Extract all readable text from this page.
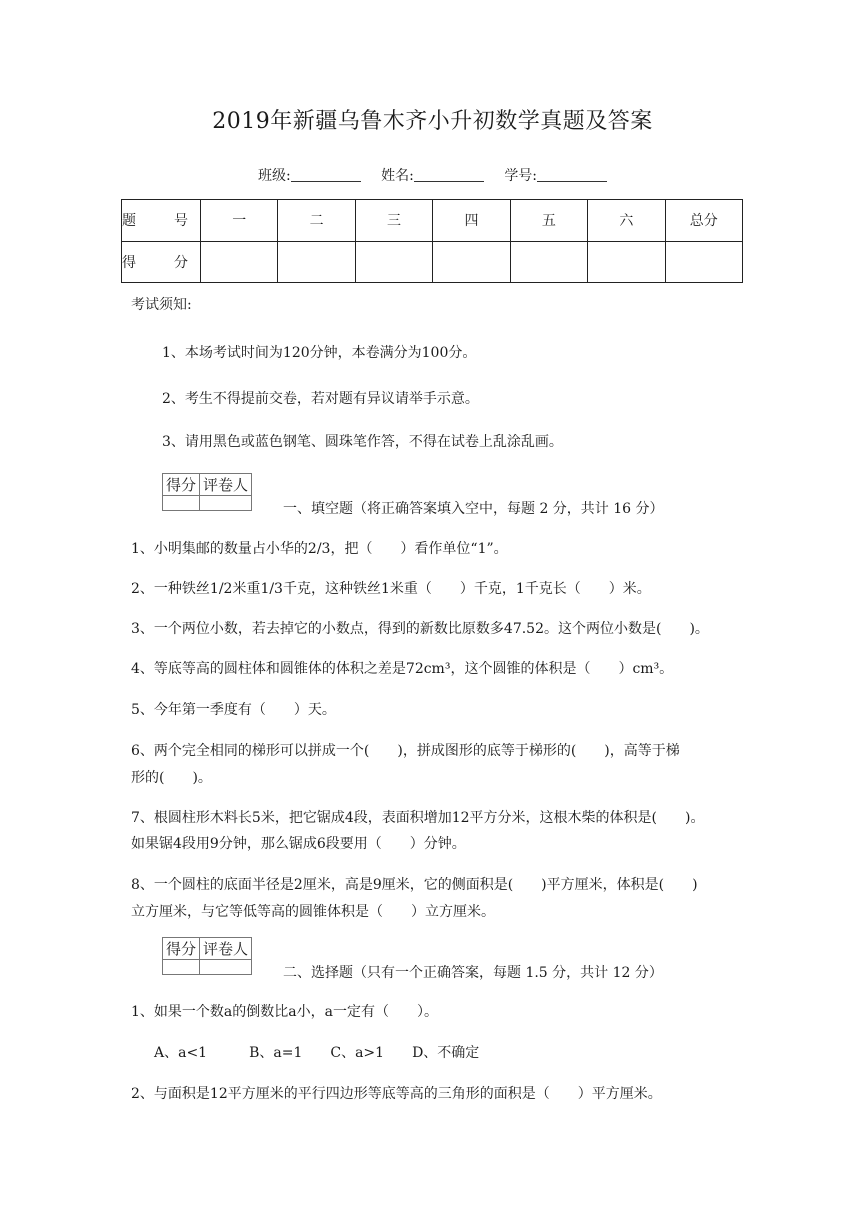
2019年新疆乌鲁木齐小升初数学真题及答案
班级:	姓名:	学号:
题　号	一	二	三	四	五	六	总分
得　分							
考试须知:
1、本场考试时间为120分钟，本卷满分为100分。
2、考生不得提前交卷，若对题有异议请举手示意。
3、请用黑色或蓝色钢笔、圆珠笔作答，不得在试卷上乱涂乱画。
得分	评卷人

一、填空题（将正确答案填入空中，每题 2 分，共计 16 分）
1、小明集邮的数量占小华的2/3，把（　　）看作单位“1”。
2、一种铁丝1/2米重1/3千克，这种铁丝1米重（　　）千克，1千克长（　　）米。
3、一个两位小数，若去掉它的小数点，得到的新数比原数多47.52。这个两位小数是(　　)。
4、等底等高的圆柱体和圆锥体的体积之差是72cm³，这个圆锥的体积是（　　）cm³。
5、今年第一季度有（　　）天。
6、两个完全相同的梯形可以拼成一个(　　)，拼成图形的底等于梯形的(　　)，高等于梯
形的(　　)。
7、根圆柱形木料长5米，把它锯成4段，表面积增加12平方分米，这根木柴的体积是(　　)。
如果锯4段用9分钟，那么锯成6段要用（　　）分钟。
8、一个圆柱的底面半径是2厘米，高是9厘米，它的侧面积是(　　)平方厘米，体积是(　　)
立方厘米，与它等低等高的圆锥体积是（　　）立方厘米。
得分	评卷人

二、选择题（只有一个正确答案，每题 1.5 分，共计 12 分）
1、如果一个数a的倒数比a小，a一定有（　　）。
A、a<1　　　B、a=1　　C、a>1　　D、不确定
2、与面积是12平方厘米的平行四边形等底等高的三角形的面积是（　　）平方厘米。
